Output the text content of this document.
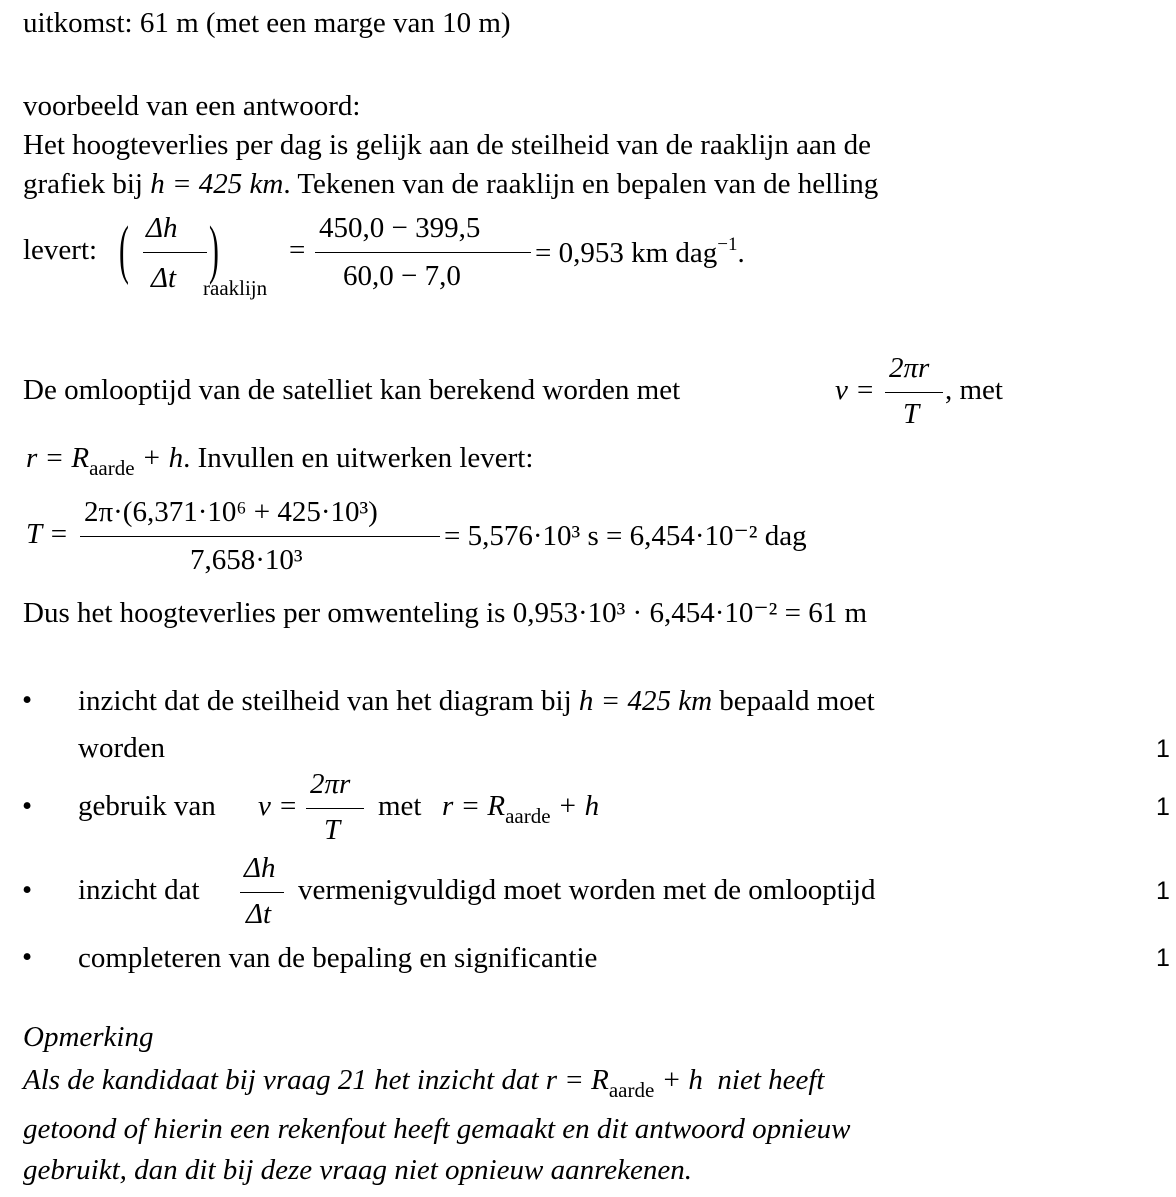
uitkomst: 61 m (met een marge van 10 m)
voorbeeld van een antwoord:
Het hoogteverlies per dag is gelijk aan de steilheid van de raaklijn aan de
grafiek bij h = 425 km. Tekenen van de raaklijn en bepalen van de helling
levert: ( Δh
Δt )
raaklijn
=
450,0 − 399,5
60,0 − 7,0
= 0,953 km dag$^{-1}$.
De omlooptijd van de satelliet kan berekend worden met	v =
2πr
T
, met
$r = R_{aarde} + h$. Invullen en uitwerken levert:
T =
2π·(6,371·10⁶ + 425·10³)
7,658·10³
= 5,576·10³ s = 6,454·10⁻² dag
Dus het hoogteverlies per omwenteling is 0,953·10³ · 6,454·10⁻² = 61 m
• inzicht dat de steilheid van het diagram bij h = 425 km bepaald moet
worden	1
• gebruik van v =
2πr
T
met $r = R_{aarde} + h$	1
• inzicht dat
Δh
Δt
vermenigvuldigd moet worden met de omlooptijd	1
• completeren van de bepaling en significantie	1
Opmerking
Als de kandidaat bij vraag 21 het inzicht dat $r = R_{aarde} + h$ niet heeft
getoond of hierin een rekenfout heeft gemaakt en dit antwoord opnieuw
gebruikt, dan dit bij deze vraag niet opnieuw aanrekenen.
